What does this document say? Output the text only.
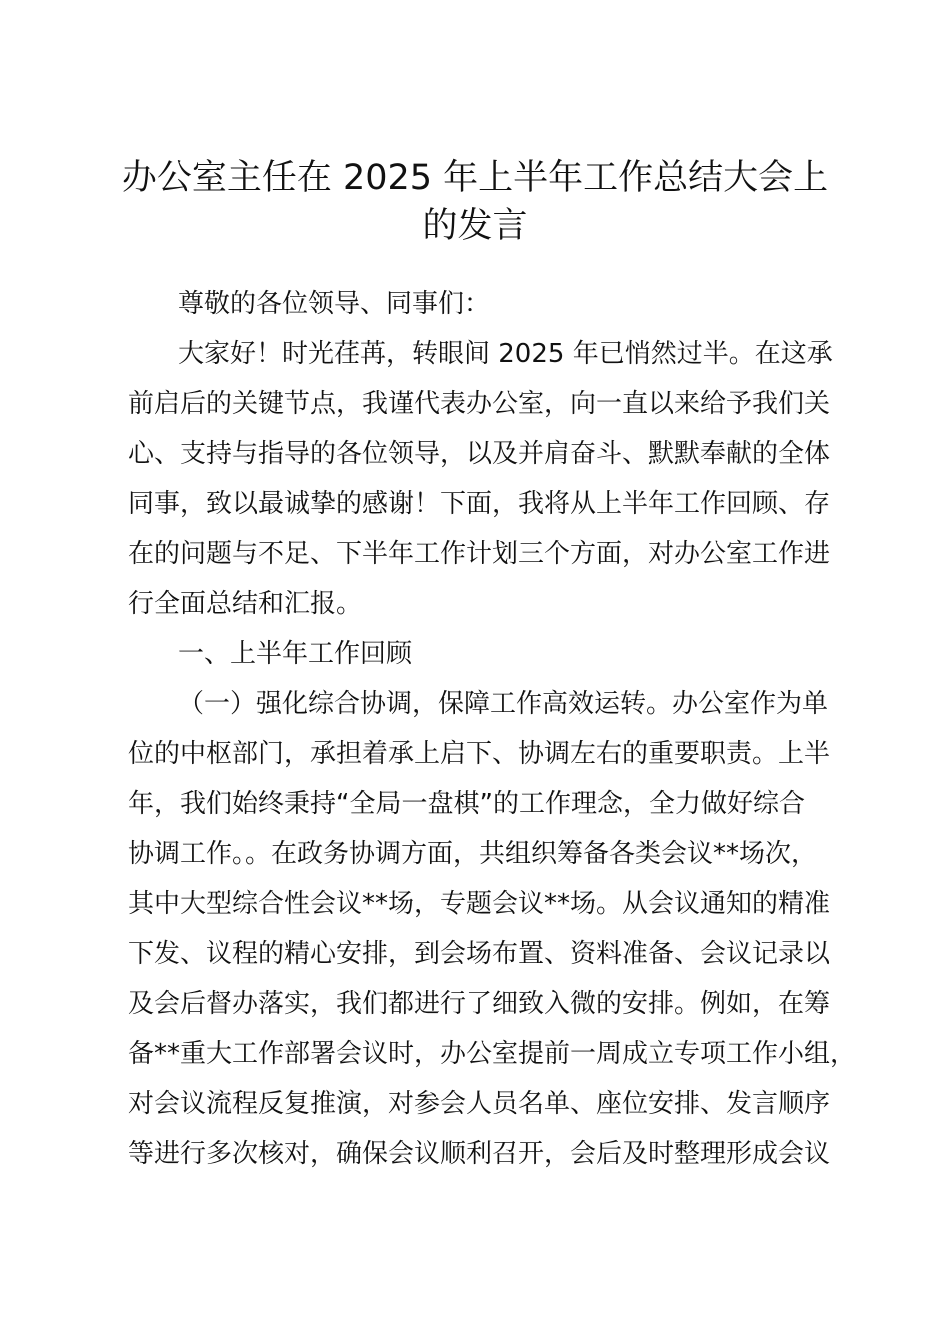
办公室主任在 2025 年上半年工作总结大会上
的发言
尊敬的各位领导、同事们：
大家好！时光荏苒，转眼间 2025 年已悄然过半。在这承
前启后的关键节点，我谨代表办公室，向一直以来给予我们关
心、支持与指导的各位领导，以及并肩奋斗、默默奉献的全体
同事，致以最诚挚的感谢！下面，我将从上半年工作回顾、存
在的问题与不足、下半年工作计划三个方面，对办公室工作进
行全面总结和汇报。
一、上半年工作回顾
（一）强化综合协调，保障工作高效运转。办公室作为单
位的中枢部门，承担着承上启下、协调左右的重要职责。上半
年，我们始终秉持“全局一盘棋”的工作理念，全力做好综合
协调工作。。在政务协调方面，共组织筹备各类会议**场次，
其中大型综合性会议**场，专题会议**场。从会议通知的精准
下发、议程的精心安排，到会场布置、资料准备、会议记录以
及会后督办落实，我们都进行了细致入微的安排。例如，在筹
备**重大工作部署会议时，办公室提前一周成立专项工作小组，
对会议流程反复推演，对参会人员名单、座位安排、发言顺序
等进行多次核对，确保会议顺利召开，会后及时整理形成会议
